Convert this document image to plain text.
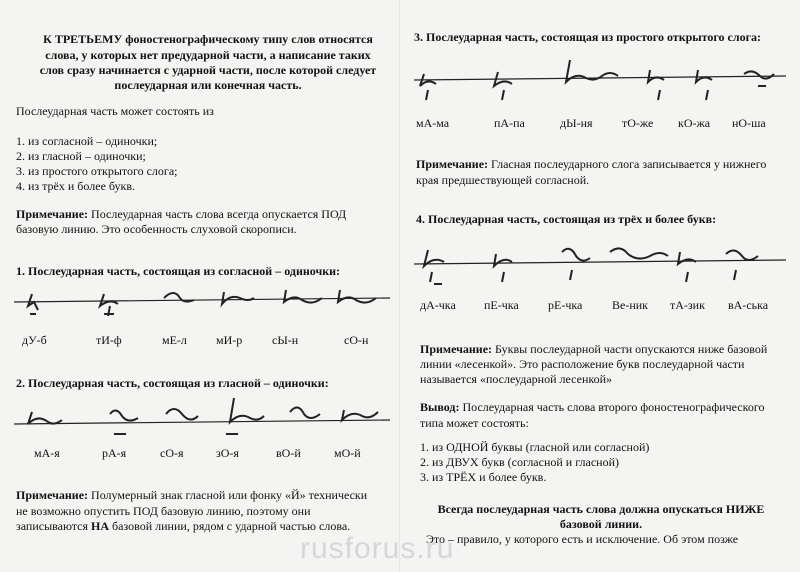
К ТРЕТЬЕМУ фоностенографическому типу слов относятся

слова, у которых нет предударной части, а написание таких

слов сразу начинается с ударной части, после которой следует

послеударная или конечная часть.

Послеударная часть может состоять из

1. из согласной – одиночки;

2. из гласной – одиночки;

3. из простого открытого слога;

4. из трёх и более букв.

Примечание: Послеударная часть слова всегда опускается ПОД

базовую линию. Это особенность слуховой скорописи.

1. Послеударная часть, состоящая из согласной – одиночки:

дУ-б	тИ-ф	мЕ-л мИ-р сЫ-н	сО-н

2. Послеударная часть, состоящая из гласной – одиночки:

мА-я	рА-я	сО-я	зО-я	вО-й	мО-й

Примечание: Полумерный знак гласной или фонку «Й» технически

не возможно опустить ПОД базовую линию, поэтому они

записываются НА базовой линии, рядом с ударной частью слова.

3. Послеударная часть, состоящая из простого открытого слога:

мА-ма	пА-па	дЫ-ня тО-же кО-жа нО-ша

Примечание: Гласная послеударного слога записывается у нижнего

края предшествующей согласной.

4. Послеударная часть, состоящая из трёх и более букв:

дА-чка пЕ-чка рЕ-чка Ве-ник тА-зик вА-ська

Примечание: Буквы послеударной части опускаются ниже базовой

линии «лесенкой». Это расположение букв послеударной части

называется «послеударной лесенкой»

Вывод: Послеударная часть слова второго фоностенографического

типа может состоять:

1. из ОДНОЙ буквы (гласной или согласной)

2. из ДВУХ букв (согласной и гласной)

3. из ТРЁХ и более букв.

Всегда послеударная часть слова должна опускаться НИЖЕ

базовой линии.

Это – правило, у которого есть и исключение. Об этом позже

rusforus.ru
